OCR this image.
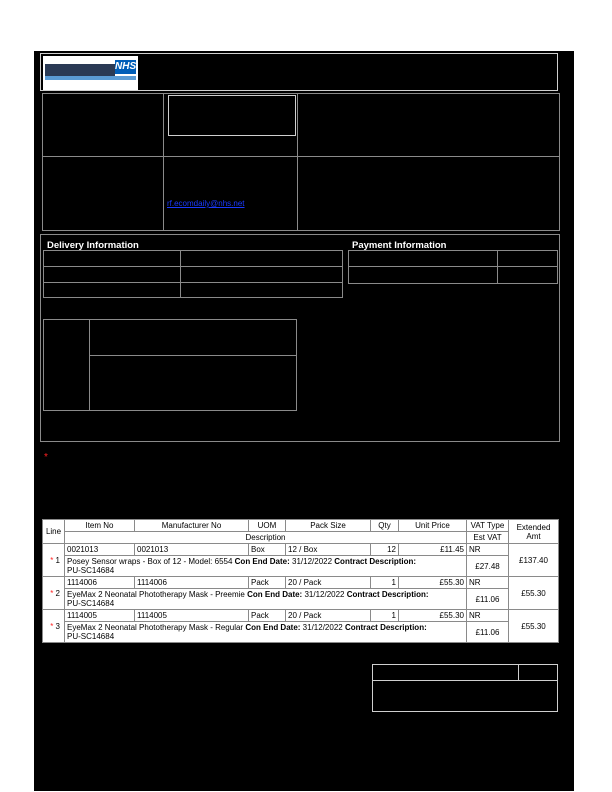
NHS
rf.ecomdaily@nhs.net
Delivery Information	Payment Information
*
Line	Item No	Manufacturer No	UOM	Pack Size	Qty	Unit Price	VAT Type	Extended Amt
	Description						Est VAT	
* 1	0021013	0021013	Box	12 / Box	12	£11.45	NR	£137.40
	Posey Sensor wraps - Box of 12 - Model: 6554 Con End Date: 31/12/2022 Contract Description:
PU-SC14684						£27.48	
* 2	1114006	1114006	Pack	20 / Pack	1	£55.30	NR	£55.30
	EyeMax 2 Neonatal Phototherapy Mask - Preemie Con End Date: 31/12/2022 Contract Description:
PU-SC14684						£11.06	
* 3	1114005	1114005	Pack	20 / Pack	1	£55.30	NR	£55.30
	EyeMax 2 Neonatal Phototherapy Mask - Regular Con End Date: 31/12/2022 Contract Description:
PU-SC14684						£11.06	
